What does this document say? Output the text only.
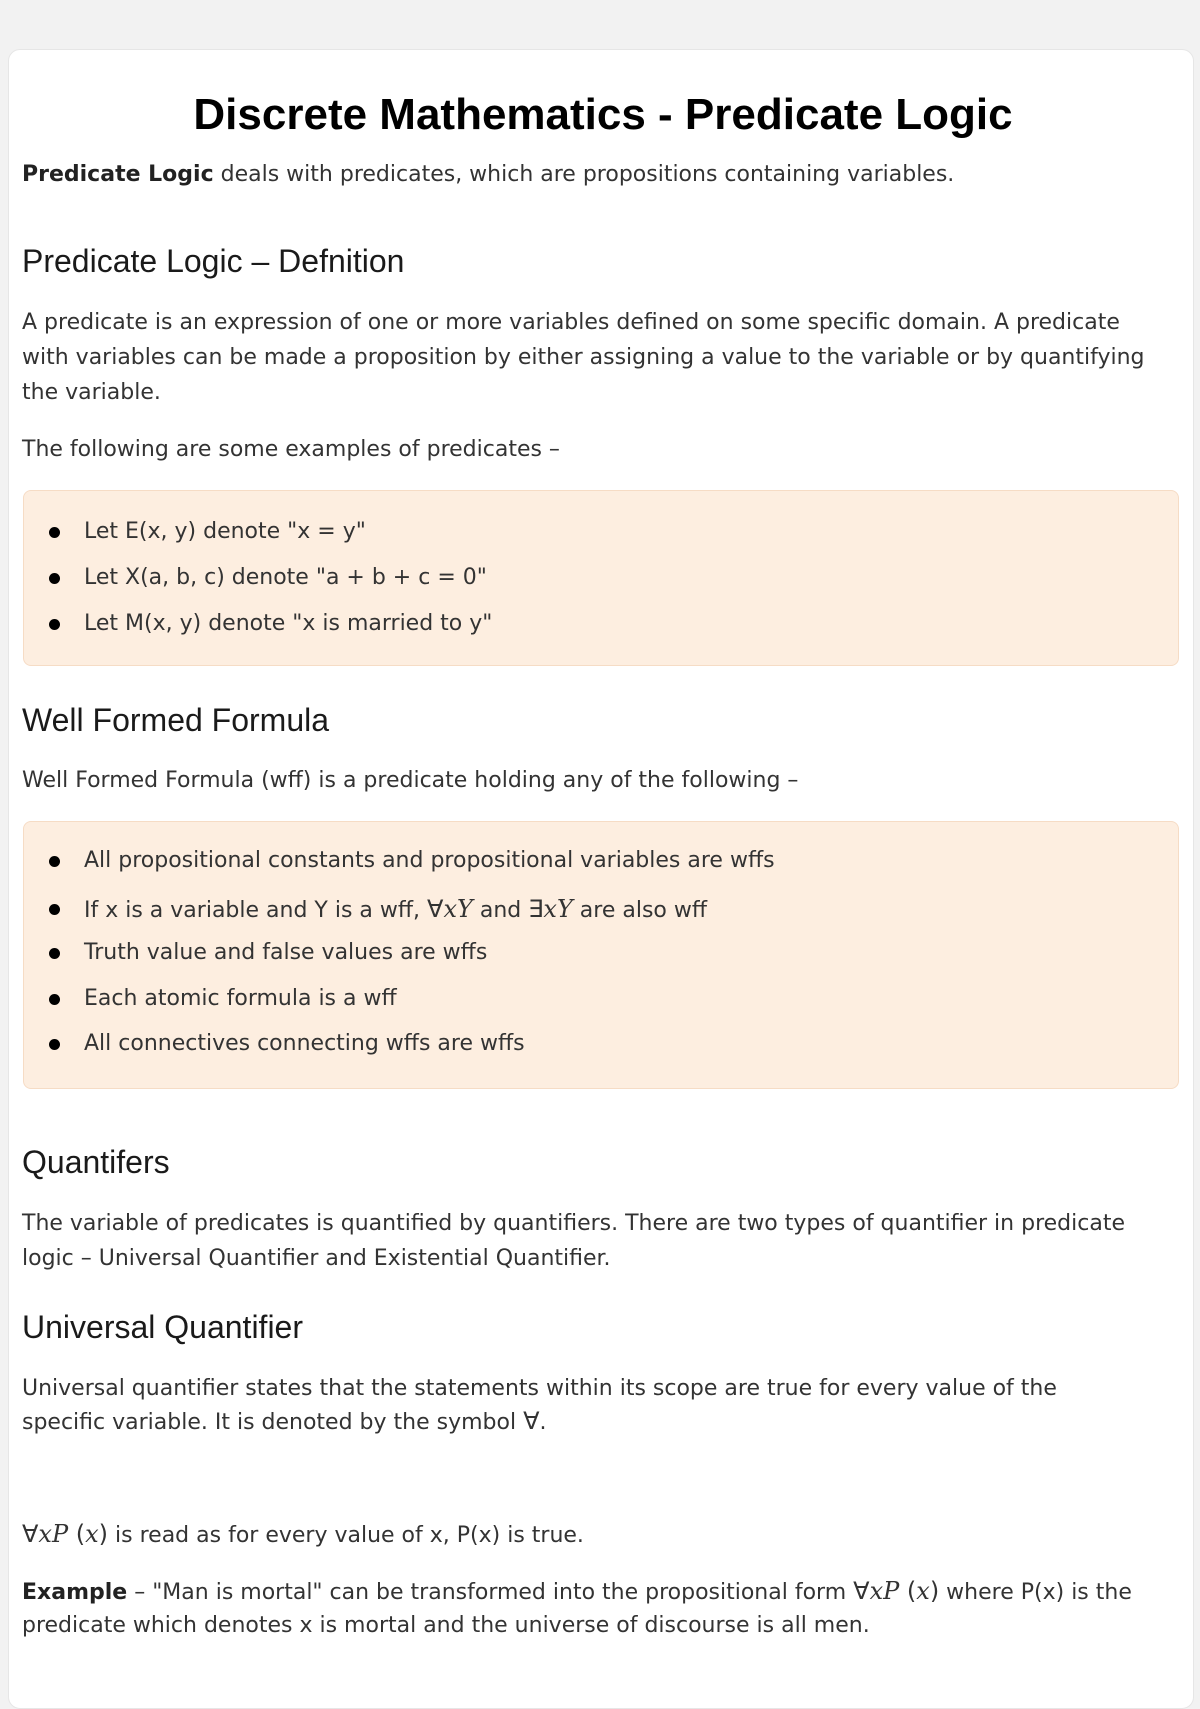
Discrete Mathematics - Predicate Logic

Predicate Logic deals with predicates, which are propositions containing variables.

Predicate Logic – Defnition

A predicate is an expression of one or more variables defined on some specific domain. A predicate with variables can be made a proposition by either assigning a value to the variable or by quantifying the variable.

The following are some examples of predicates –

Let E(x, y) denote "x = y"
Let X(a, b, c) denote "a + b + c = 0"
Let M(x, y) denote "x is married to y"
Well Formed Formula

Well Formed Formula (wff) is a predicate holding any of the following –

All propositional constants and propositional variables are wffs
If x is a variable and Y is a wff, ∀xY and ∃xY are also wff
Truth value and false values are wffs
Each atomic formula is a wff
All connectives connecting wffs are wffs
Quantifers

The variable of predicates is quantified by quantifiers. There are two types of quantifier in predicate logic – Universal Quantifier and Existential Quantifier.

Universal Quantifier

Universal quantifier states that the statements within its scope are true for every value of the specific variable. It is denoted by the symbol ∀.

∀xP (x) is read as for every value of x, P(x) is true.

Example – "Man is mortal" can be transformed into the propositional form ∀xP (x) where P(x) is the predicate which denotes x is mortal and the universe of discourse is all men.
